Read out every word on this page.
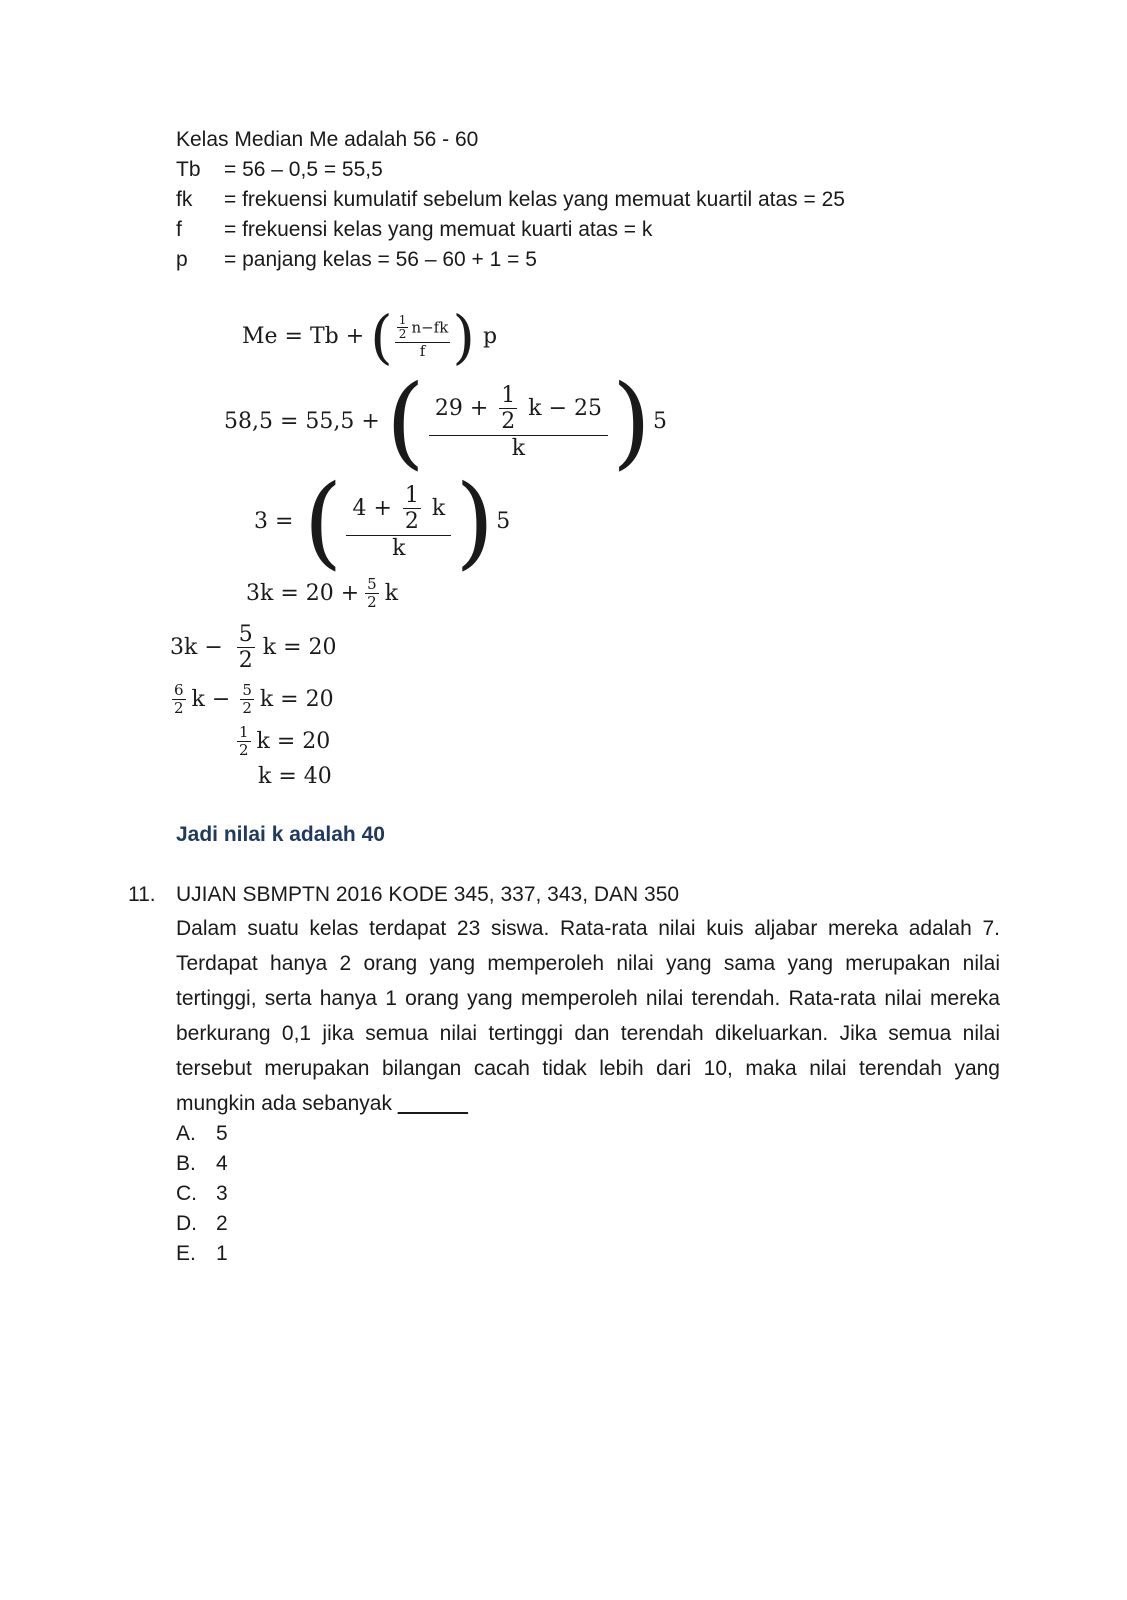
Kelas Median Me adalah 56 - 60
Tb = 56 – 0,5 = 55,5
fk = frekuensi kumulatif sebelum kelas yang memuat kuartil atas = 25
f = frekuensi kelas yang memuat kuarti atas = k
p = panjang kelas = 56 – 60 + 1 = 5
Me = Tb + ( $\frac{\frac{1}{2} n-fk}{f}$ ) p
58,5 = 55,5 + ( $\frac{29 + \frac{1}{2} k - 25}{k}$ ) 5
3 = ( $\frac{4 + \frac{1}{2} k}{k}$ ) 5
$3k = 20 + \frac{5}{2}$ k
$3k - \frac{5}{2}$ k = 20
$\frac{6}{2}$ $k - \frac{5}{2}$ k = 20
$\frac{1}{2}$ k = 20
k = 40
Jadi nilai k adalah 40
11. UJIAN SBMPTN 2016 KODE 345, 337, 343, DAN 350
Dalam suatu kelas terdapat 23 siswa. Rata-rata nilai kuis aljabar mereka adalah 7. Terdapat hanya 2 orang yang memperoleh nilai yang sama yang merupakan nilai tertinggi, serta hanya 1 orang yang memperoleh nilai terendah. Rata-rata nilai mereka berkurang 0,1 jika semua nilai tertinggi dan terendah dikeluarkan. Jika semua nilai tersebut merupakan bilangan cacah tidak lebih dari 10, maka nilai terendah yang mungkin ada sebanyak ______
A. 5
B. 4
C. 3
D. 2
E. 1
